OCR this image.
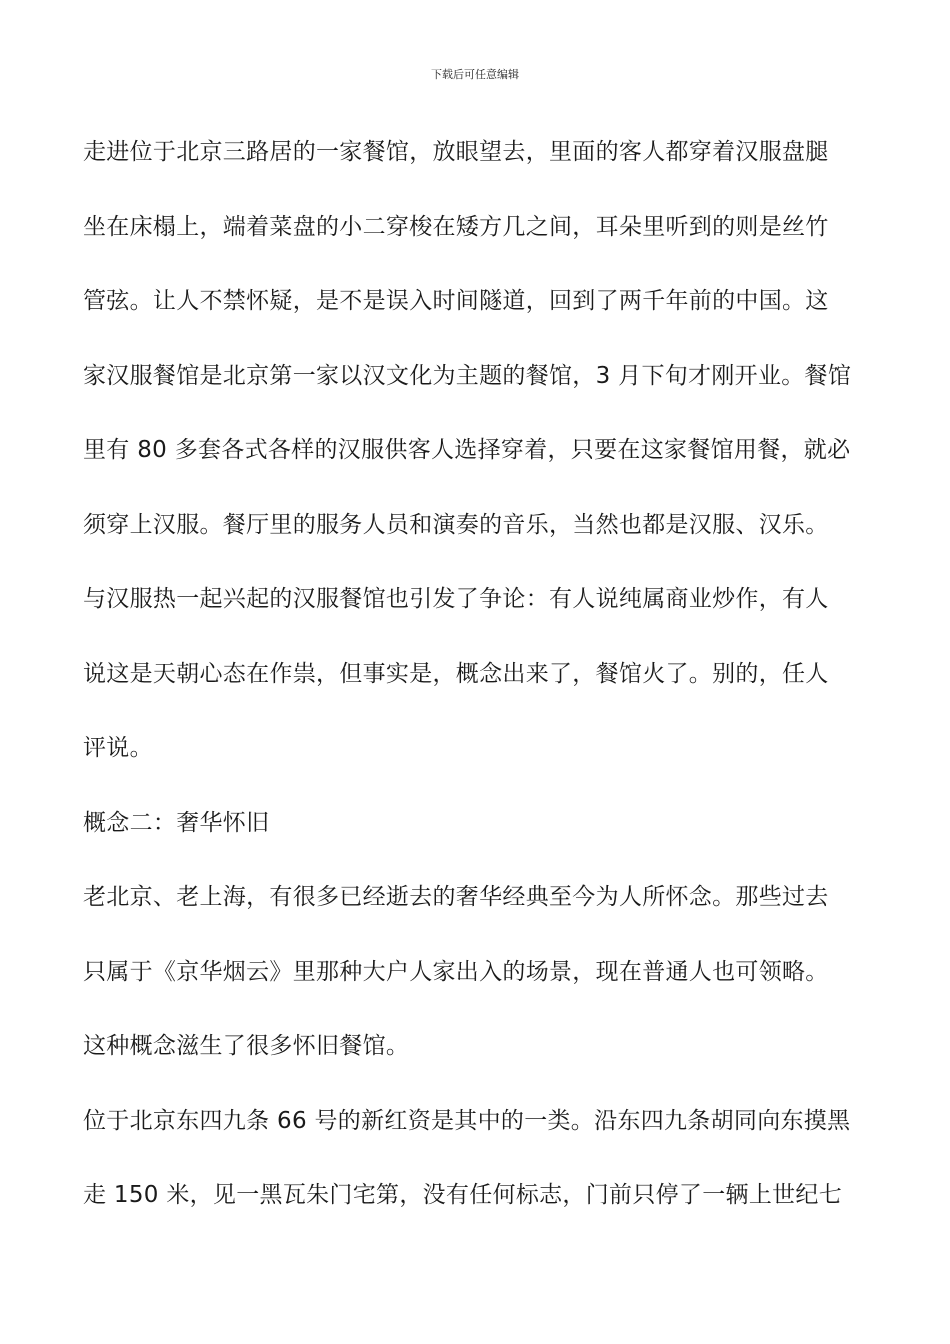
下载后可任意编辑

走进位于北京三路居的一家餐馆，放眼望去，里面的客人都穿着汉服盘腿
坐在床榻上，端着菜盘的小二穿梭在矮方几之间，耳朵里听到的则是丝竹
管弦。让人不禁怀疑，是不是误入时间隧道，回到了两千年前的中国。这
家汉服餐馆是北京第一家以汉文化为主题的餐馆，3 月下旬才刚开业。餐馆
里有 80 多套各式各样的汉服供客人选择穿着，只要在这家餐馆用餐，就必
须穿上汉服。餐厅里的服务人员和演奏的音乐，当然也都是汉服、汉乐。
与汉服热一起兴起的汉服餐馆也引发了争论：有人说纯属商业炒作，有人
说这是天朝心态在作祟，但事实是，概念出来了，餐馆火了。别的，任人
评说。

概念二：奢华怀旧

老北京、老上海，有很多已经逝去的奢华经典至今为人所怀念。那些过去
只属于《京华烟云》里那种大户人家出入的场景，现在普通人也可领略。
这种概念滋生了很多怀旧餐馆。

位于北京东四九条 66 号的新红资是其中的一类。沿东四九条胡同向东摸黑
走 150 米，见一黑瓦朱门宅第，没有任何标志，门前只停了一辆上世纪七
